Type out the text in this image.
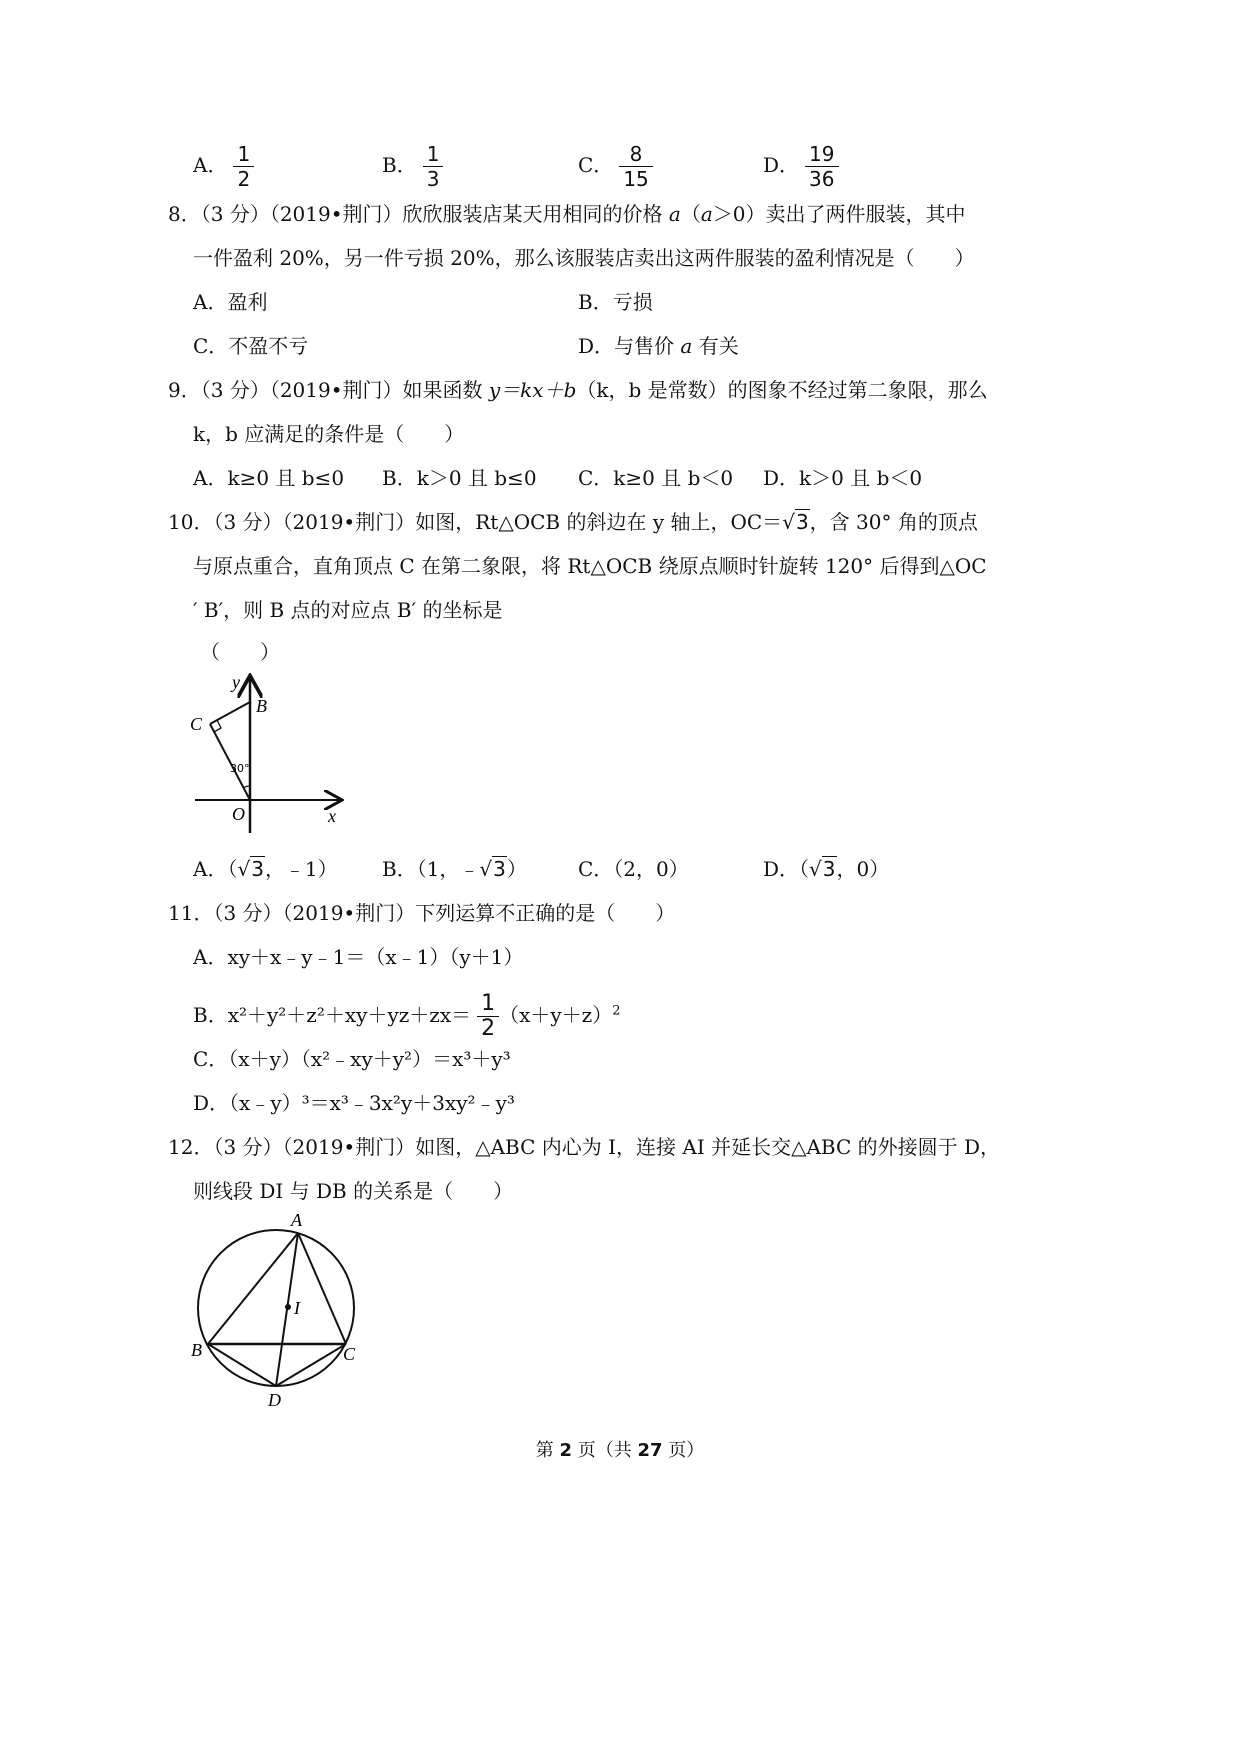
A． $\frac{1}{2}$	B． $\frac{1}{3}$	C． $\frac{8}{15}$	D． $\frac{19}{36}$
8．（3 分）（2019•荆门）欣欣服装店某天用相同的价格 a（a＞0）卖出了两件服装，其中
一件盈利 20%，另一件亏损 20%，那么该服装店卖出这两件服装的盈利情况是（　　）
A．盈利	B．亏损
C．不盈不亏	D．与售价 a 有关
9．（3 分）（2019•荆门）如果函数 y＝kx＋b（k，b 是常数）的图象不经过第二象限，那么
k，b 应满足的条件是（　　）
A．k≥0 且 b≤0 B．k＞0 且 b≤0 C．k≥0 且 b＜0 D．k＞0 且 b＜0
10．（3 分）（2019•荆门）如图，Rt△OCB 的斜边在 y 轴上，OC＝√3，含 30° 角的顶点
与原点重合，直角顶点 C 在第二象限，将 Rt△OCB 绕原点顺时针旋转 120° 后得到△OC
′ B′，则 B 点的对应点 B′ 的坐标是
（　　）
y
B
C
30°
O	x
A．（√3，﹣1） B．（1，﹣√3）	C．（2，0）	D．（√3，0）
11．（3 分）（2019•荆门）下列运算不正确的是（　　）
A．xy＋x﹣y﹣1＝（x﹣1）（y＋1）
B．$x^2+y^2+z^2+xy+yz+zx= \frac{1}{2} (x+y+z)^2$
C．（x＋y）（x²﹣xy＋y²）＝x³＋y³
D．（x﹣y）³＝x³﹣3x²y＋3xy²﹣y³
12．（3 分）（2019•荆门）如图，△ABC 内心为 I，连接 AI 并延长交△ABC 的外接圆于 D，
则线段 DI 与 DB 的关系是（　　）
A
I
B	C
D
第 2 页（共 27 页）
